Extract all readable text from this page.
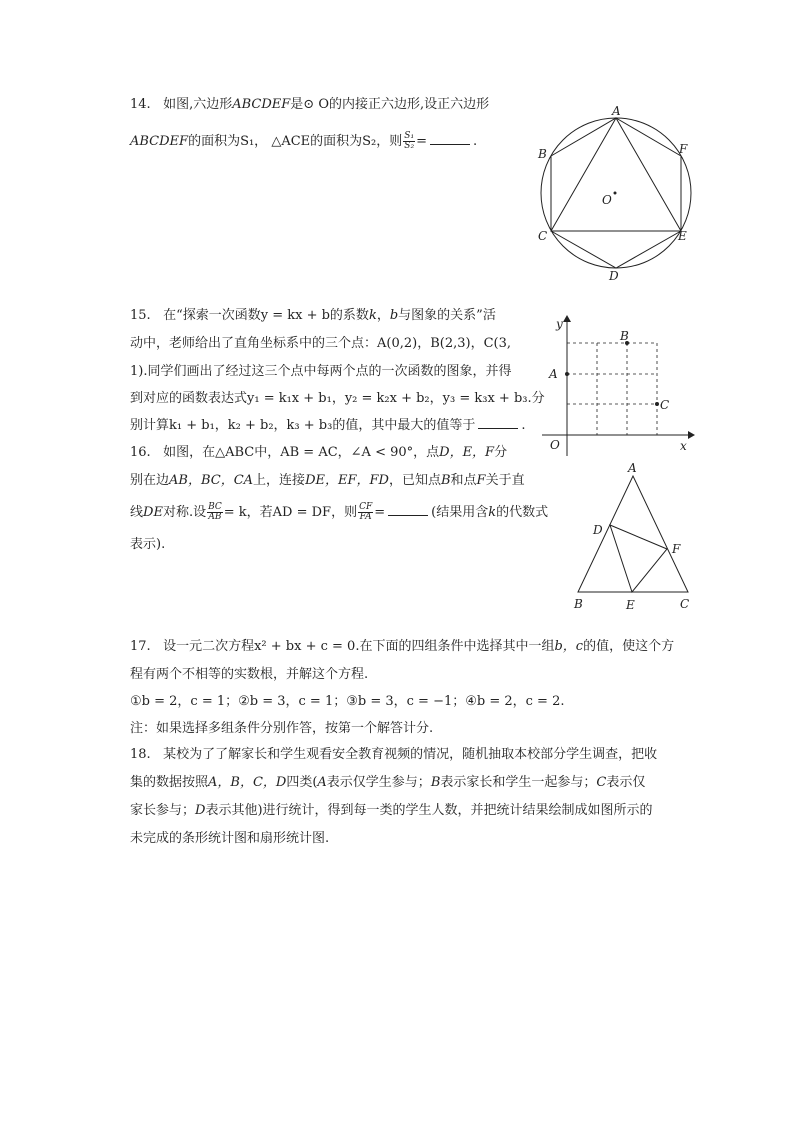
14. 如图,六边形ABCDEF是⊙ O的内接正六边形,设正六边形
ABCDEF的面积为S₁， △ACE的面积为S₂，则 $\frac{\text{S₁}}{\text{S₂}}$ =	.
A
B
C
D
E
F
O
15. 在“探索一次函数y = kx + b的系数k，b与图象的关系”活
动中，老师给出了直角坐标系中的三个点：A(0,2)，B(2,3)，C(3,
1).同学们画出了经过这三个点中每两个点的一次函数的图象，并得
到对应的函数表达式y₁ = k₁x + b₁，y₂ = k₂x + b₂，y₃ = k₃x + b₃.分
别计算k₁ + b₁，k₂ + b₂，k₃ + b₃的值，其中最大的值等于	.
y
x
O
A
B
C
16. 如图，在△ABC中，AB = AC，∠A < 90°，点D，E，F分
别在边AB，BC，CA上，连接DE，EF，FD，已知点B和点F关于直
线DE对称.设 $\frac{BC}{AB} = k$，若AD = DF，则 $\frac{CF}{FA}$ =	(结果用含k的代数式
表示).
A
B	C
D
E
F
17. 设一元二次方程x² + bx + c = 0.在下面的四组条件中选择其中一组b，c的值，使这个方
程有两个不相等的实数根，并解这个方程.
①b = 2，c = 1；②b = 3，c = 1；③b = 3，c = −1；④b = 2，c = 2.
注：如果选择多组条件分别作答，按第一个解答计分.
18. 某校为了了解家长和学生观看安全教育视频的情况，随机抽取本校部分学生调查，把收
集的数据按照A，B，C，D四类(A表示仅学生参与；B表示家长和学生一起参与；C表示仅
家长参与；D表示其他)进行统计，得到每一类的学生人数，并把统计结果绘制成如图所示的
未完成的条形统计图和扇形统计图.
